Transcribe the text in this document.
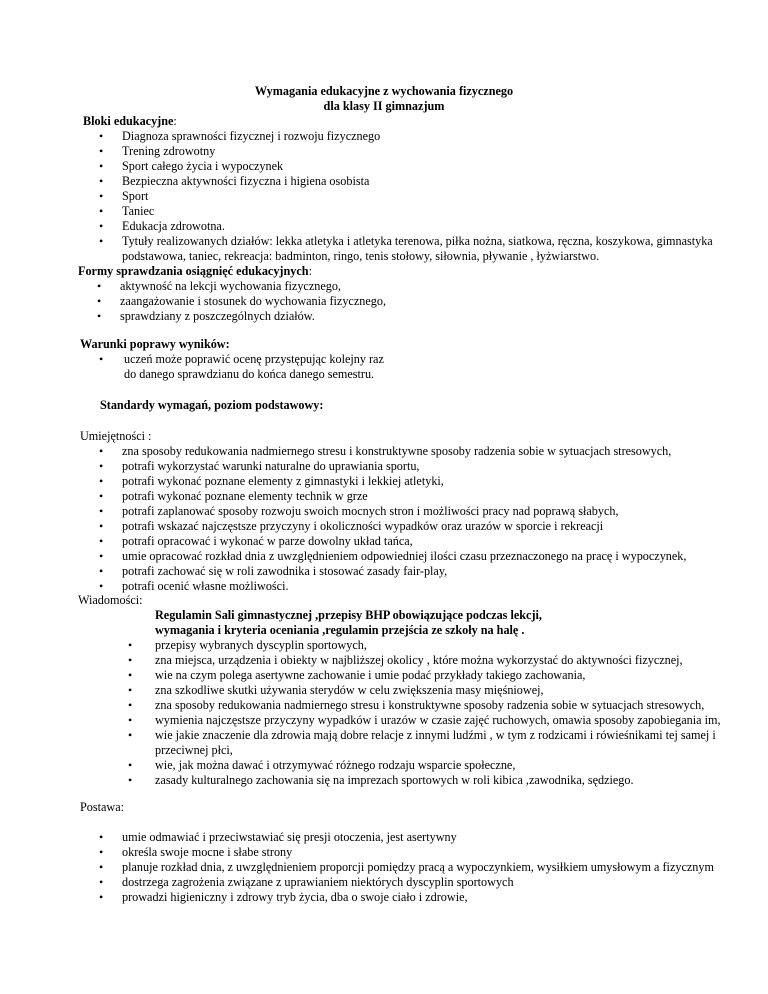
Wymagania edukacyjne z wychowania fizycznego
dla klasy II gimnazjum
Bloki edukacyjne:
• Diagnoza sprawności fizycznej i rozwoju fizycznego
• Trening zdrowotny
• Sport całego życia i wypoczynek
• Bezpieczna aktywności fizyczna i higiena osobista
• Sport
• Taniec
• Edukacja zdrowotna.
• Tytuły realizowanych działów: lekka atletyka i atletyka terenowa, piłka nożna, siatkowa, ręczna, koszykowa, gimnastyka podstawowa, taniec, rekreacja: badminton, ringo, tenis stołowy, siłownia, pływanie , łyżwiarstwo.
Formy sprawdzania osiągnięć edukacyjnych:
• aktywność na lekcji wychowania fizycznego,
• zaangażowanie i stosunek do wychowania fizycznego,
• sprawdziany z poszczególnych działów.
Warunki poprawy wyników:
• uczeń może poprawić ocenę przystępując kolejny raz do danego sprawdzianu do końca danego semestru.
Standardy wymagań, poziom podstawowy:
Umiejętności :
• zna sposoby redukowania nadmiernego stresu i konstruktywne sposoby radzenia sobie w sytuacjach stresowych,
• potrafi wykorzystać warunki naturalne do uprawiania sportu,
• potrafi wykonać poznane elementy z gimnastyki i lekkiej atletyki,
• potrafi wykonać poznane elementy technik w grze
• potrafi zaplanować sposoby rozwoju swoich mocnych stron i możliwości pracy nad poprawą słabych,
• potrafi wskazać najczęstsze przyczyny i okoliczności wypadków oraz urazów w sporcie i rekreacji
• potrafi opracować i wykonać w parze dowolny układ tańca,
• umie opracować rozkład dnia z uwzględnieniem odpowiedniej ilości czasu przeznaczonego na pracę i wypoczynek,
• potrafi zachować się w roli zawodnika i stosować zasady fair-play,
• potrafi ocenić własne możliwości.
Wiadomości:
Regulamin Sali gimnastycznej ,przepisy BHP obowiązujące podczas lekcji,
wymagania i kryteria oceniania ,regulamin przejścia ze szkoły na halę .
• przepisy wybranych dyscyplin sportowych,
• zna miejsca, urządzenia i obiekty w najbliższej okolicy , które można wykorzystać do aktywności fizycznej,
• wie na czym polega asertywne zachowanie i umie podać przykłady takiego zachowania,
• zna szkodliwe skutki używania sterydów w celu zwiększenia masy mięśniowej,
• zna sposoby redukowania nadmiernego stresu i konstruktywne sposoby radzenia sobie w sytuacjach stresowych,
• wymienia najczęstsze przyczyny wypadków i urazów w czasie zajęć ruchowych, omawia sposoby zapobiegania im,
• wie jakie znaczenie dla zdrowia mają dobre relacje z innymi ludźmi , w tym z rodzicami i rówieśnikami tej samej i przeciwnej płci,
• wie, jak można dawać i otrzymywać różnego rodzaju wsparcie społeczne,
• zasady kulturalnego zachowania się na imprezach sportowych w roli kibica ,zawodnika, sędziego.
Postawa:
• umie odmawiać i przeciwstawiać się presji otoczenia, jest asertywny
• określa swoje mocne i słabe strony
• planuje rozkład dnia, z uwzględnieniem proporcji pomiędzy pracą a wypoczynkiem, wysiłkiem umysłowym a fizycznym
• dostrzega zagrożenia związane z uprawianiem niektórych dyscyplin sportowych
• prowadzi higieniczny i zdrowy tryb życia, dba o swoje ciało i zdrowie,
